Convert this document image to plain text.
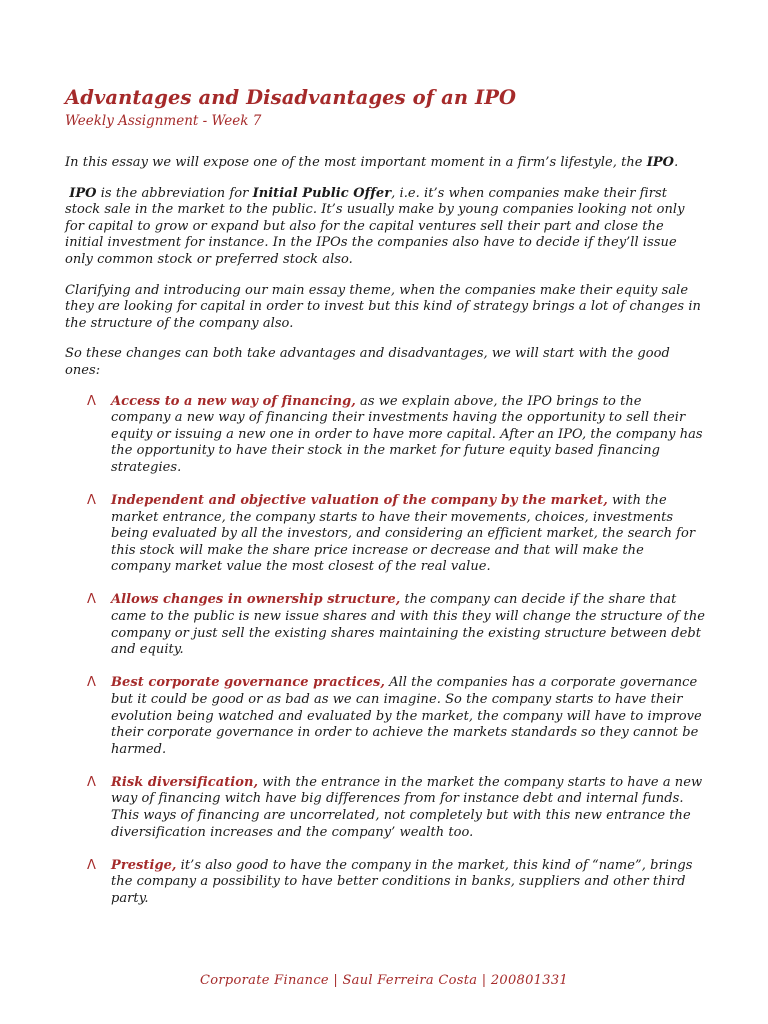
Advantages and Disadvantages of an IPO
Weekly Assignment - Week 7

In this essay we will expose one of the most important moment in a firm’s lifestyle, the IPO.

IPO is the abbreviation for Initial Public Offer, i.e. it’s when companies make their first stock sale in the market to the public. It’s usually make by young companies looking not only for capital to grow or expand but also for the capital ventures sell their part and close the initial investment for instance. In the IPOs the companies also have to decide if they’ll issue only common stock or preferred stock also.

Clarifying and introducing our main essay theme, when the companies make their equity sale they are looking for capital in order to invest but this kind of strategy brings a lot of changes in the structure of the company also.

So these changes can both take advantages and disadvantages, we will start with the good ones:

Λ Access to a new way of financing, as we explain above, the IPO brings to the company a new way of financing their investments having the opportunity to sell their equity or issuing a new one in order to have more capital. After an IPO, the company has the opportunity to have their stock in the market for future equity based financing strategies.
Λ Independent and objective valuation of the company by the market, with the market entrance, the company starts to have their movements, choices, investments being evaluated by all the investors, and considering an efficient market, the search for this stock will make the share price increase or decrease and that will make the company market value the most closest of the real value.
Λ Allows changes in ownership structure, the company can decide if the share that came to the public is new issue shares and with this they will change the structure of the company or just sell the existing shares maintaining the existing structure between debt and equity.
Λ Best corporate governance practices, All the companies has a corporate governance but it could be good or as bad as we can imagine. So the company starts to have their evolution being watched and evaluated by the market, the company will have to improve their corporate governance in order to achieve the markets standards so they cannot be harmed.
Λ Risk diversification, with the entrance in the market the company starts to have a new way of financing witch have big differences from for instance debt and internal funds. This ways of financing are uncorrelated, not completely but with this new entrance the diversification increases and the company’ wealth too.
Λ Prestige, it’s also good to have the company in the market, this kind of “name”, brings the company a possibility to have better conditions in banks, suppliers and other third party.
Corporate Finance | Saul Ferreira Costa | 200801331
